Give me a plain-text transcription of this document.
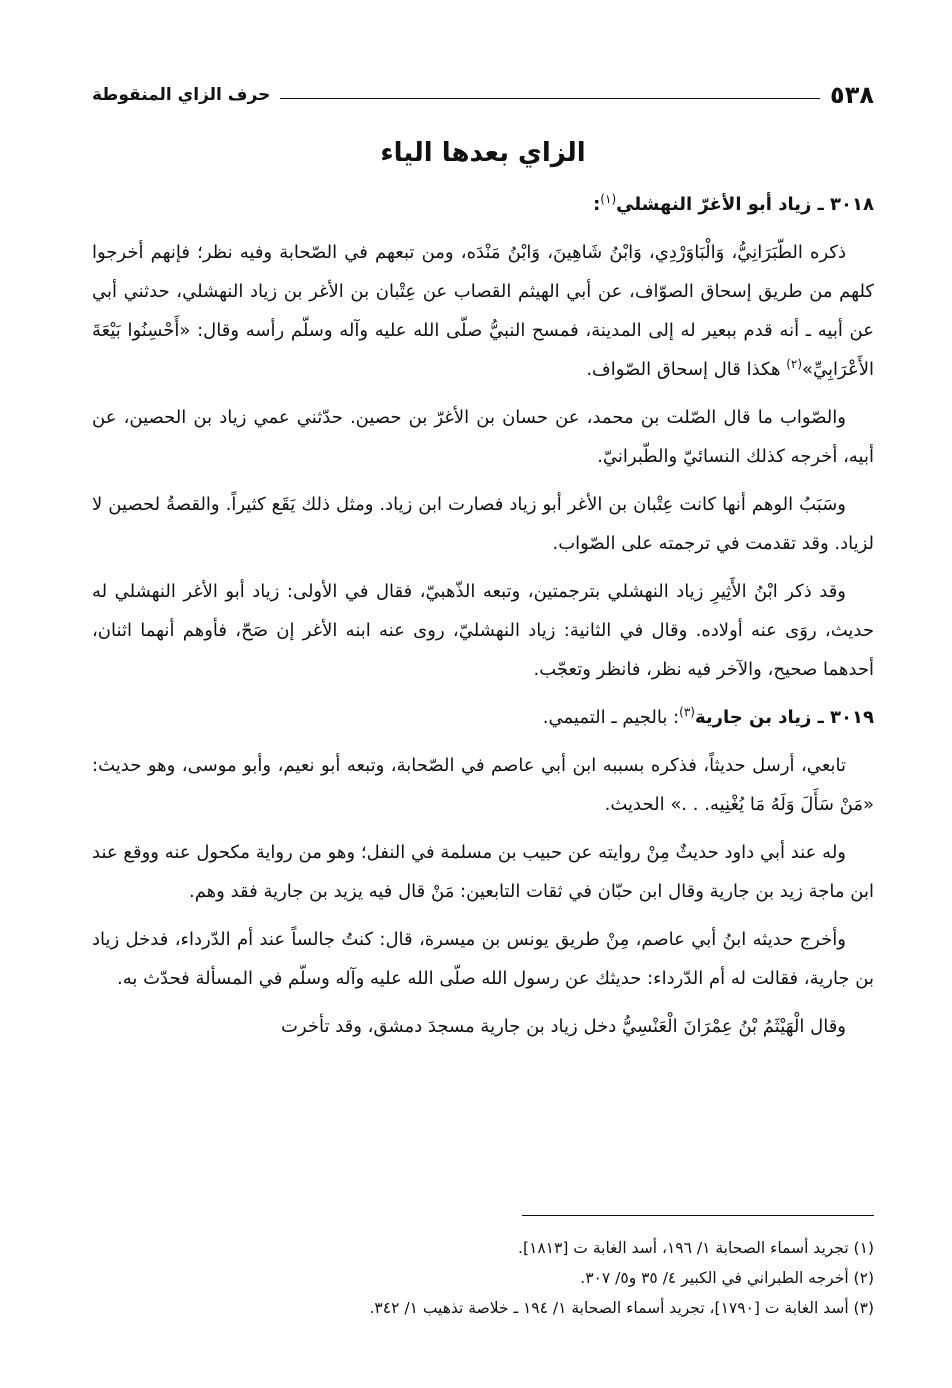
٥٣٨
حرف الزاي المنقوطة
الزاي بعدها الياء

٣٠١٨ ـ زياد أبو الأغرّ النهشلي$^{(١)}$:

ذكره الطّبَرَانِيُّ، وَالْبَاوَرْدِي، وَابْنُ شَاهِينَ، وَابْنُ مَنْدَه، ومن تبعهم في الصّحابة وفيه نظر؛ فإنهم أخرجوا كلهم من طريق إسحاق الصوّاف، عن أبي الهيثم القصاب عن عِتْبان بن الأغر بن زياد النهشلي، حدثني أبي عن أبيه ـ أنه قدم ببعير له إلى المدينة، فمسح النبيُّ صلّى الله عليه وآله وسلّم رأسه وقال: «أَحْسِنُوا بَيْعَةَ الأَعْرَابِيِّ»$^{(٢)}$ هكذا قال إسحاق الصّواف.

والصّواب ما قال الصّلت بن محمد، عن حسان بن الأغرّ بن حصين. حدّثني عمي زياد بن الحصين، عن أبيه، أخرجه كذلك النسائيّ والطّبرانيّ.

وسَبَبُ الوهم أنها كانت عِتْبان بن الأغر أبو زياد فصارت ابن زياد. ومثل ذلك يَقَع كثيراً. والقصةُ لحصين لا لزياد. وقد تقدمت في ترجمته على الصّواب.

وقد ذكر ابْنُ الأَثِيرِ زياد النهشلي بترجمتين، وتبعه الذّهبيّ، فقال في الأولى: زياد أبو الأغر النهشلي له حديث، روَى عنه أولاده. وقال في الثانية: زياد النهشليّ، روى عنه ابنه الأغر إن صَحّ، فأوهم أنهما اثنان، أحدهما صحيح، والآخر فيه نظر، فانظر وتعجّب.

٣٠١٩ ـ زياد بن جارية$^{(٣)}$: بالجيم ـ التميمي.

تابعي، أرسل حديثاً، فذكره بسببه ابن أبي عاصم في الصّحابة، وتبعه أبو نعيم، وأبو موسى، وهو حديث: «مَنْ سَأَلَ وَلَهُ مَا يُغْنِيه. . .» الحديث.

وله عند أبي داود حديثٌ مِنْ روايته عن حبيب بن مسلمة في النفل؛ وهو من رواية مكحول عنه ووقع عند ابن ماجة زيد بن جارية وقال ابن حبّان في ثقات التابعين: مَنْ قال فيه يزيد بن جارية فقد وهم.

وأخرج حديثه ابنُ أبي عاصم، مِنْ طريق يونس بن ميسرة، قال: كنتُ جالساً عند أم الدّرداء، فدخل زياد بن جارية، فقالت له أم الدّرداء: حديثك عن رسول الله صلّى الله عليه وآله وسلّم في المسألة فحدّث به.

وقال الْهَيْثَمُ بْنُ عِمْرَانَ الْعَنْسِيُّ دخل زياد بن جارية مسجدَ دمشق، وقد تأخرت

(١) تجريد أسماء الصحابة ١/ ١٩٦، أسد الغابة ت [١٨١٣].
(٢) أخرجه الطبراني في الكبير ٤/ ٣٥ و٥/ ٣٠٧.
(٣) أسد الغابة ت [١٧٩٠]، تجريد أسماء الصحابة ١/ ١٩٤ ـ خلاصة تذهيب ١/ ٣٤٢.
